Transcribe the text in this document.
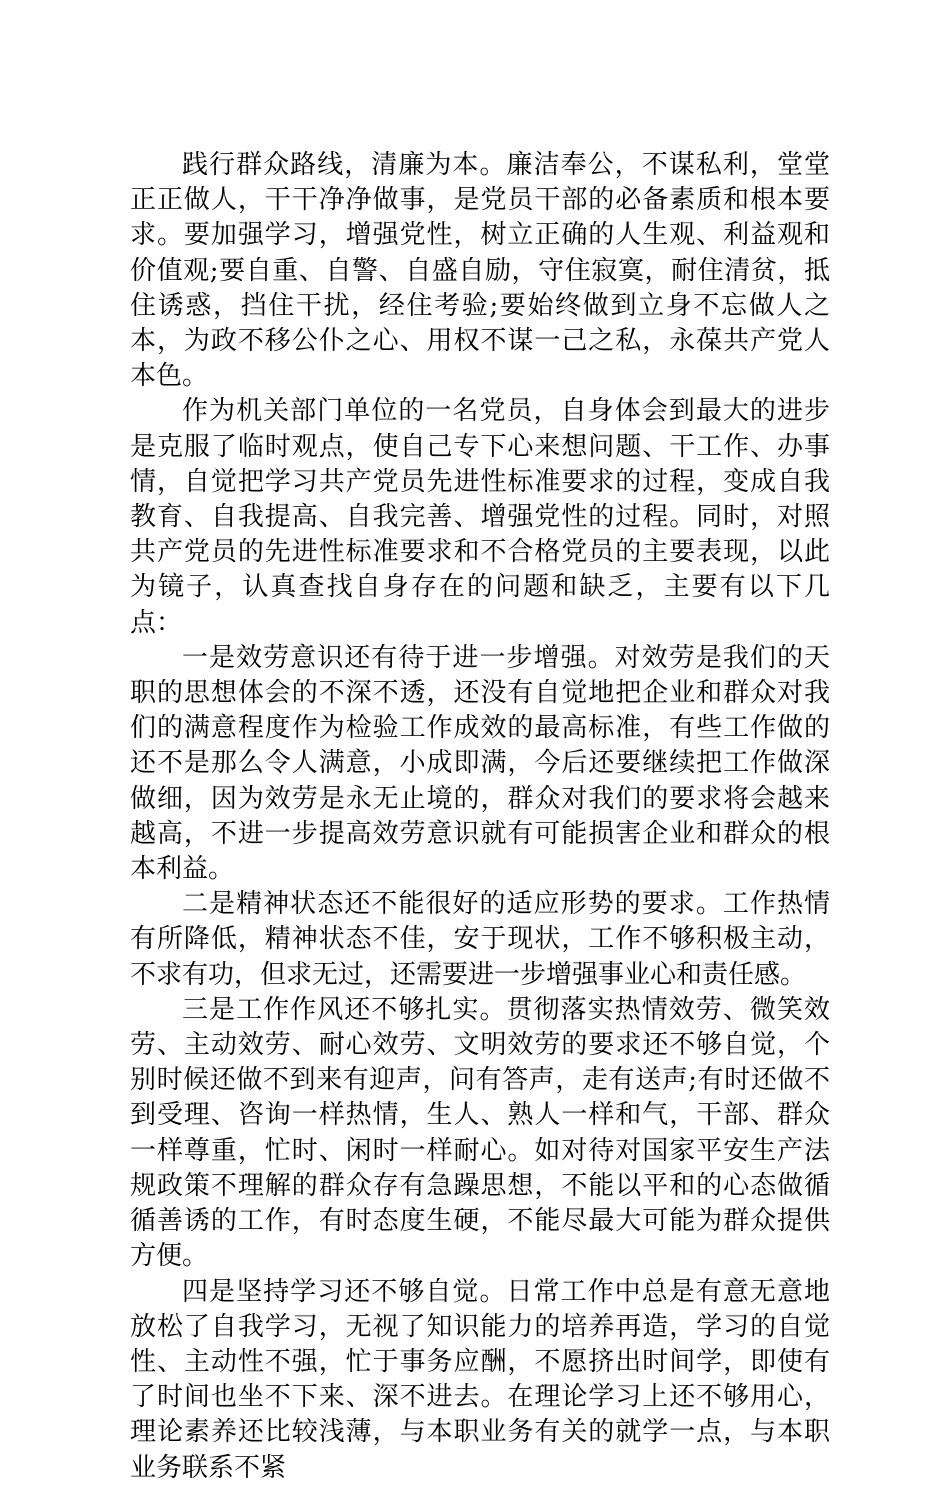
践行群众路线，清廉为本。廉洁奉公，不谋私利，堂堂正正做人，干干净净做事，是党员干部的必备素质和根本要求。要加强学习，增强党性，树立正确的人生观、利益观和价值观;要自重、自警、自盛自励，守住寂寞，耐住清贫，抵住诱惑，挡住干扰，经住考验;要始终做到立身不忘做人之本，为政不移公仆之心、用权不谋一己之私，永葆共产党人本色。

作为机关部门单位的一名党员，自身体会到最大的进步是克服了临时观点，使自己专下心来想问题、干工作、办事情，自觉把学习共产党员先进性标准要求的过程，变成自我教育、自我提高、自我完善、增强党性的过程。同时，对照共产党员的先进性标准要求和不合格党员的主要表现，以此为镜子，认真查找自身存在的问题和缺乏，主要有以下几点：

一是效劳意识还有待于进一步增强。对效劳是我们的天职的思想体会的不深不透，还没有自觉地把企业和群众对我们的满意程度作为检验工作成效的最高标准，有些工作做的还不是那么令人满意，小成即满，今后还要继续把工作做深做细，因为效劳是永无止境的，群众对我们的要求将会越来越高，不进一步提高效劳意识就有可能损害企业和群众的根本利益。

二是精神状态还不能很好的适应形势的要求。工作热情有所降低，精神状态不佳，安于现状，工作不够积极主动，不求有功，但求无过，还需要进一步增强事业心和责任感。

三是工作作风还不够扎实。贯彻落实热情效劳、微笑效劳、主动效劳、耐心效劳、文明效劳的要求还不够自觉，个别时候还做不到来有迎声，问有答声，走有送声;有时还做不到受理、咨询一样热情，生人、熟人一样和气，干部、群众一样尊重，忙时、闲时一样耐心。如对待对国家平安生产法规政策不理解的群众存有急躁思想，不能以平和的心态做循循善诱的工作，有时态度生硬，不能尽最大可能为群众提供方便。

四是坚持学习还不够自觉。日常工作中总是有意无意地放松了自我学习，无视了知识能力的培养再造，学习的自觉性、主动性不强，忙于事务应酬，不愿挤出时间学，即使有了时间也坐不下来、深不进去。在理论学习上还不够用心，理论素养还比较浅薄，与本职业务有关的就学一点，与本职业务联系不紧
